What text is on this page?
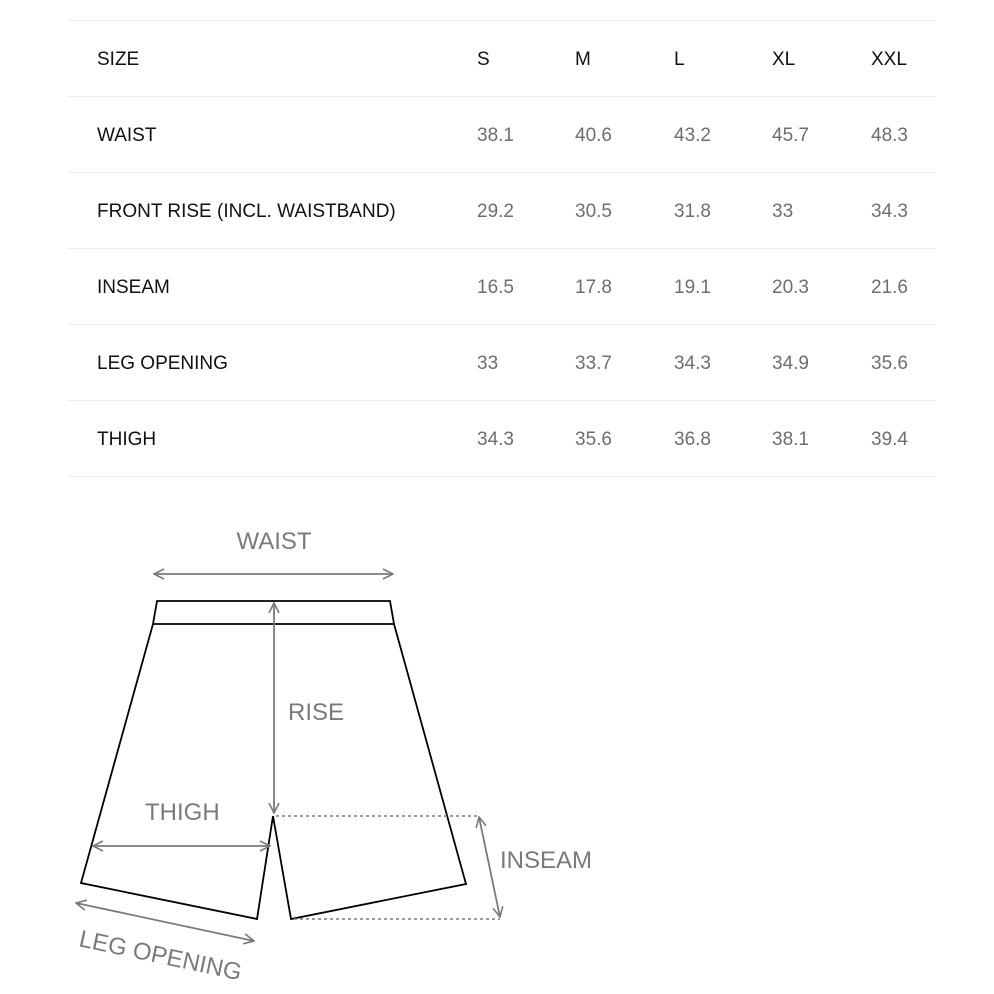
SIZE	S	M	L	XL	XXL
WAIST	38.1	40.6	43.2	45.7	48.3
FRONT RISE (INCL. WAISTBAND)	29.2	30.5	31.8	33	34.3
INSEAM	16.5	17.8	19.1	20.3	21.6
LEG OPENING	33	33.7	34.3	34.9	35.6
THIGH	34.3	35.6	36.8	38.1	39.4
WAIST
RISE
THIGH
INSEAM
LEG OPENING
